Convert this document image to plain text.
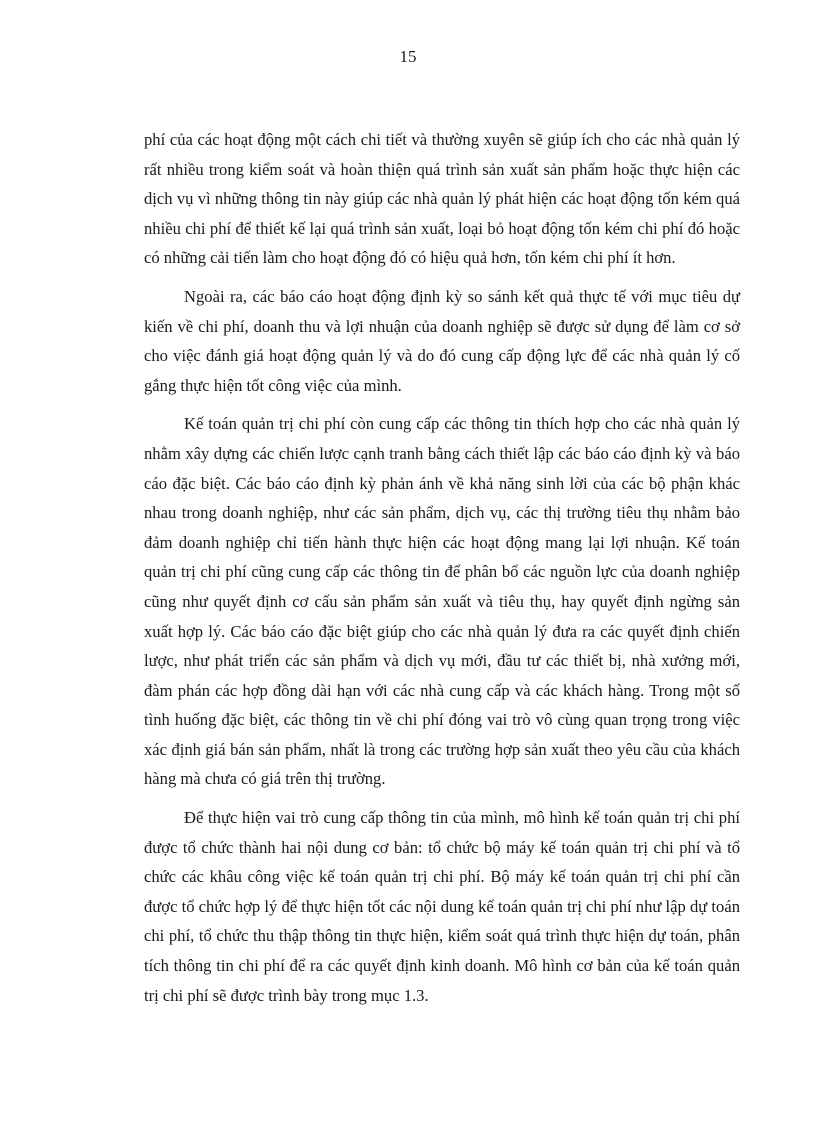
15

phí của các hoạt động một cách chi tiết và thường xuyên sẽ giúp ích cho các nhà quản lý rất nhiều trong kiểm soát và hoàn thiện quá trình sản xuất sản phẩm hoặc thực hiện các dịch vụ vì những thông tin này giúp các nhà quản lý phát hiện các hoạt động tốn kém quá nhiều chi phí để thiết kế lại quá trình sản xuất, loại bỏ hoạt động tốn kém chi phí đó hoặc có những cải tiến làm cho hoạt động đó có hiệu quả hơn, tốn kém chi phí ít hơn.

Ngoài ra, các báo cáo hoạt động định kỳ so sánh kết quả thực tế với mục tiêu dự kiến về chi phí, doanh thu và lợi nhuận của doanh nghiệp sẽ được sử dụng để làm cơ sở cho việc đánh giá hoạt động quản lý và do đó cung cấp động lực để các nhà quản lý cố gắng thực hiện tốt công việc của mình.

Kế toán quản trị chi phí còn cung cấp các thông tin thích hợp cho các nhà quản lý nhằm xây dựng các chiến lược cạnh tranh bằng cách thiết lập các báo cáo định kỳ và báo cáo đặc biệt. Các báo cáo định kỳ phản ánh về khả năng sinh lời của các bộ phận khác nhau trong doanh nghiệp, như các sản phẩm, dịch vụ, các thị trường tiêu thụ nhằm bảo đảm doanh nghiệp chỉ tiến hành thực hiện các hoạt động mang lại lợi nhuận. Kế toán quản trị chi phí cũng cung cấp các thông tin để phân bổ các nguồn lực của doanh nghiệp cũng như quyết định cơ cấu sản phẩm sản xuất và tiêu thụ, hay quyết định ngừng sản xuất hợp lý. Các báo cáo đặc biệt giúp cho các nhà quản lý đưa ra các quyết định chiến lược, như phát triển các sản phẩm và dịch vụ mới, đầu tư các thiết bị, nhà xưởng mới, đàm phán các hợp đồng dài hạn với các nhà cung cấp và các khách hàng. Trong một số tình huống đặc biệt, các thông tin về chi phí đóng vai trò vô cùng quan trọng trong việc xác định giá bán sản phẩm, nhất là trong các trường hợp sản xuất theo yêu cầu của khách hàng mà chưa có giá trên thị trường.

Để thực hiện vai trò cung cấp thông tin của mình, mô hình kế toán quản trị chi phí được tổ chức thành hai nội dung cơ bản: tổ chức bộ máy kế toán quản trị chi phí và tổ chức các khâu công việc kế toán quản trị chi phí. Bộ máy kế toán quản trị chi phí cần được tổ chức hợp lý để thực hiện tốt các nội dung kế toán quản trị chi phí như lập dự toán chi phí, tổ chức thu thập thông tin thực hiện, kiểm soát quá trình thực hiện dự toán, phân tích thông tin chi phí để ra các quyết định kinh doanh. Mô hình cơ bản của kế toán quản trị chi phí sẽ được trình bày trong mục 1.3.
